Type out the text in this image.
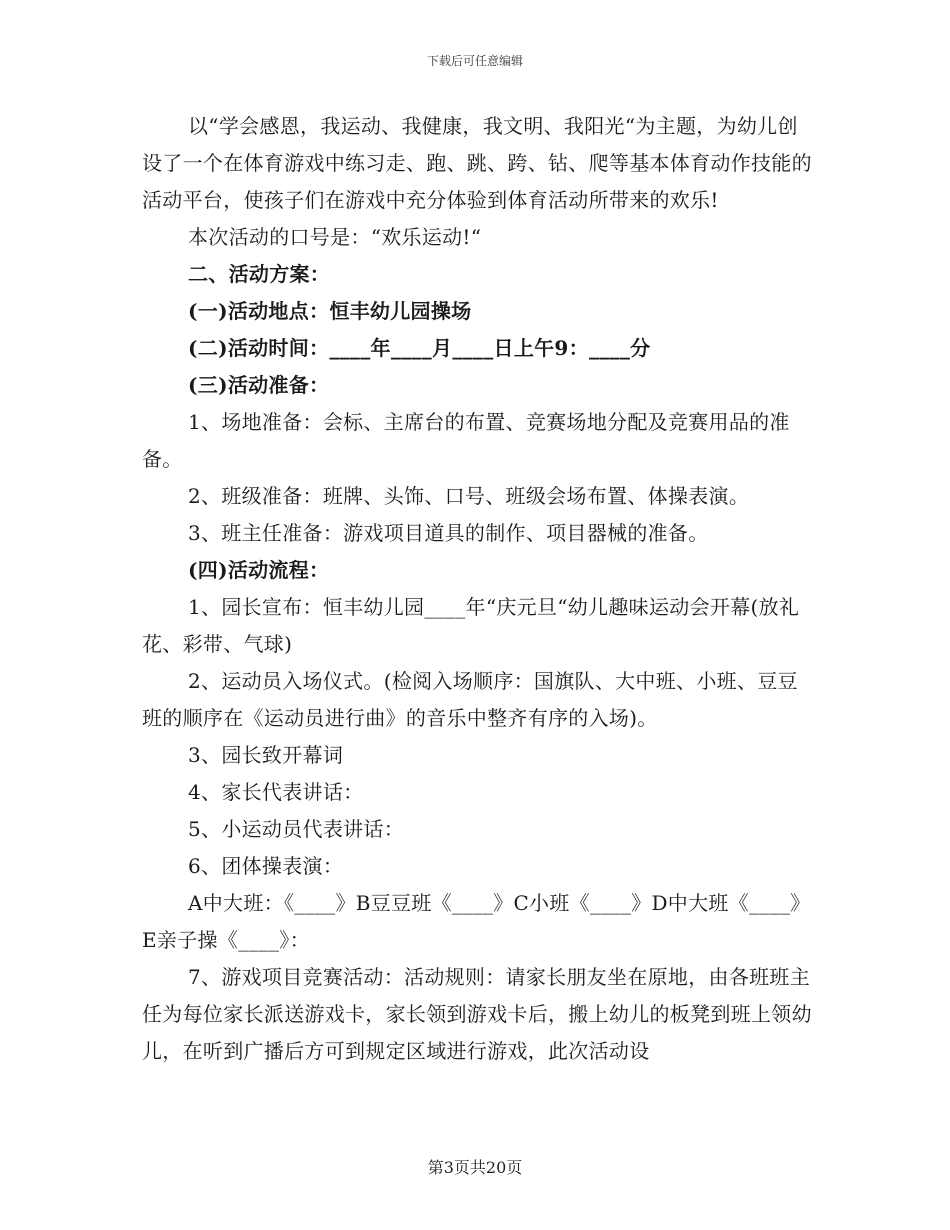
下载后可任意编辑

以“学会感恩，我运动、我健康，我文明、我阳光“为主题，为幼儿创设了一个在体育游戏中练习走、跑、跳、跨、钻、爬等基本体育动作技能的活动平台，使孩子们在游戏中充分体验到体育活动所带来的欢乐!

本次活动的口号是：“欢乐运动!“

二、活动方案：

(一)活动地点：恒丰幼儿园操场

(二)活动时间：____年____月____日上午9：____分

(三)活动准备：

1、场地准备：会标、主席台的布置、竞赛场地分配及竞赛用品的准备。

2、班级准备：班牌、头饰、口号、班级会场布置、体操表演。

3、班主任准备：游戏项目道具的制作、项目器械的准备。

(四)活动流程：

1、园长宣布：恒丰幼儿园____年“庆元旦“幼儿趣味运动会开幕(放礼花、彩带、气球)

2、运动员入场仪式。(检阅入场顺序：国旗队、大中班、小班、豆豆班的顺序在《运动员进行曲》的音乐中整齐有序的入场)。

3、园长致开幕词

4、家长代表讲话：

5、小运动员代表讲话：

6、团体操表演：

A中大班：《____》B豆豆班《____》C小班《____》D中大班《____》E亲子操《____》：

7、游戏项目竞赛活动：活动规则：请家长朋友坐在原地，由各班班主任为每位家长派送游戏卡，家长领到游戏卡后，搬上幼儿的板凳到班上领幼儿，在听到广播后方可到规定区域进行游戏，此次活动设

第3页共20页
